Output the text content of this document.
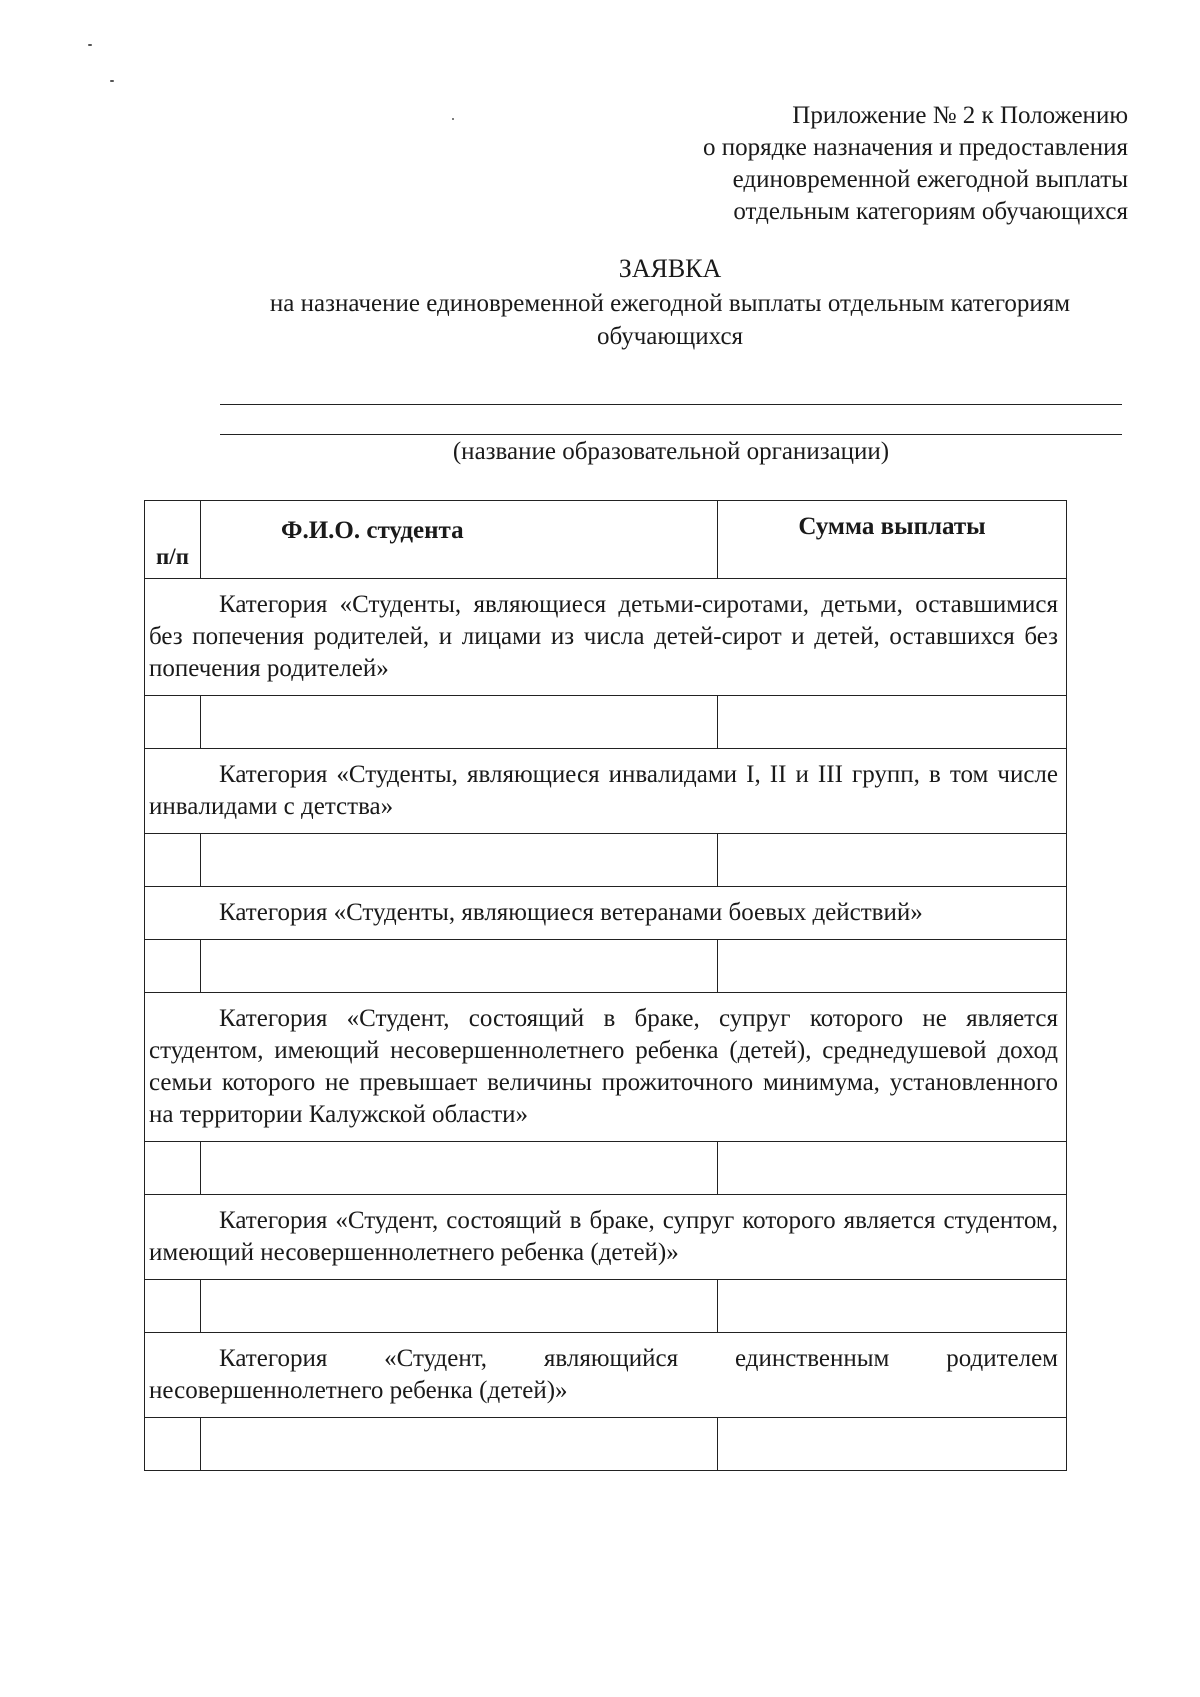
Приложение № 2 к Положению
о порядке назначения и предоставления
единовременной ежегодной выплаты
отдельным категориям обучающихся
ЗАЯВКА
на назначение единовременной ежегодной выплаты отдельным категориям
обучающихся
(название образовательной организации)
п/п	Ф.И.О. студента	Сумма выплаты
Категория «Студенты, являющиеся детьми-сиротами, детьми, оставшимися без попечения родителей, и лицами из числа детей-сирот и детей, оставшихся без попечения родителей»		

Категория «Студенты, являющиеся инвалидами I, II и III групп, в том числе инвалидами с детства»		

Категория «Студенты, являющиеся ветеранами боевых действий»		

Категория «Студент, состоящий в браке, супруг которого не является студентом, имеющий несовершеннолетнего ребенка (детей), среднедушевой доход семьи которого не превышает величины прожиточного минимума, установленного на территории Калужской области»		

Категория «Студент, состоящий в браке, супруг которого является студентом, имеющий несовершеннолетнего ребенка (детей)»		

Категория «Студент, являющийся единственным родителем несовершеннолетнего ребенка (детей)»		
